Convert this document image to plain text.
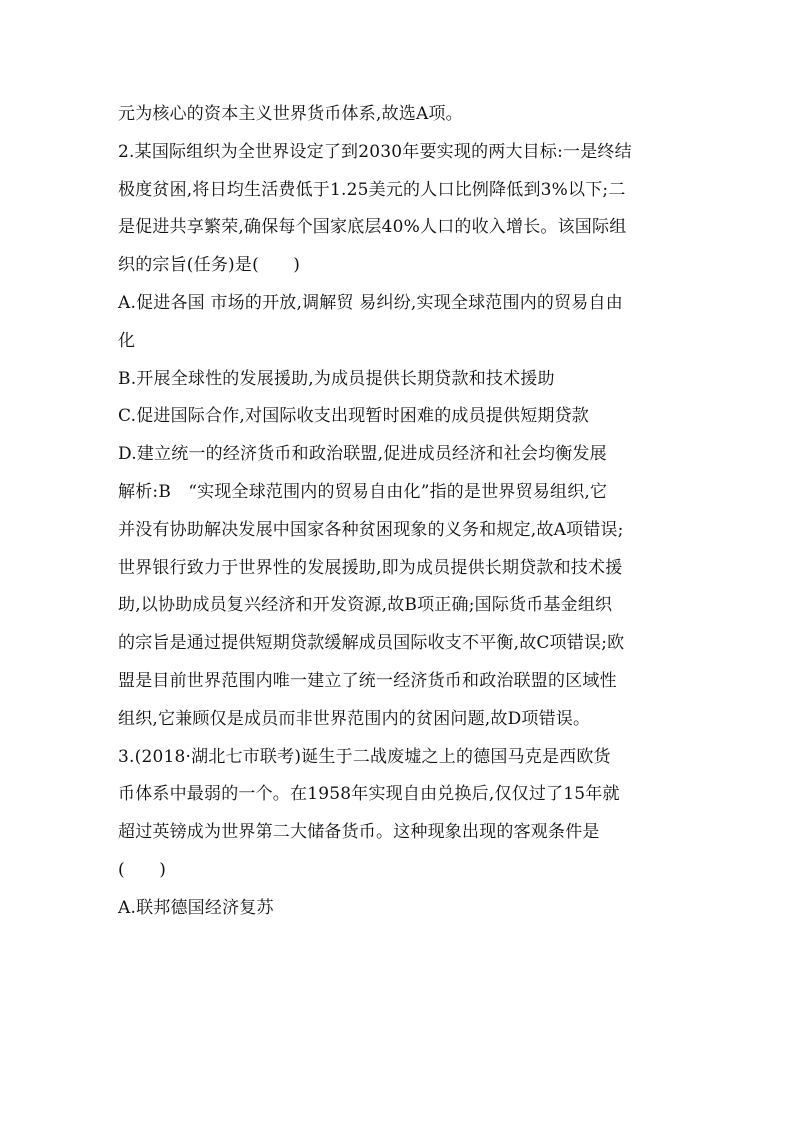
元为核心的资本主义世界货币体系,故选A项。

2.某国际组织为全世界设定了到2030年要实现的两大目标:一是终结

极度贫困,将日均生活费低于1.25美元的人口比例降低到3%以下;二

是促进共享繁荣,确保每个国家底层40%人口的收入增长。该国际组

织的宗旨(任务)是(　　)

A.促进各国 市场的开放,调解贸 易纠纷,实现全球范围内的贸易自由

化

B.开展全球性的发展援助,为成员提供长期贷款和技术援助

C.促进国际合作,对国际收支出现暂时困难的成员提供短期贷款

D.建立统一的经济货币和政治联盟,促进成员经济和社会均衡发展

解析:B　“实现全球范围内的贸易自由化”指的是世界贸易组织,它

并没有协助解决发展中国家各种贫困现象的义务和规定,故A项错误;

世界银行致力于世界性的发展援助,即为成员提供长期贷款和技术援

助,以协助成员复兴经济和开发资源,故B项正确;国际货币基金组织

的宗旨是通过提供短期贷款缓解成员国际收支不平衡,故C项错误;欧

盟是目前世界范围内唯一建立了统一经济货币和政治联盟的区域性

组织,它兼顾仅是成员而非世界范围内的贫困问题,故D项错误。

3.(2018·湖北七市联考)诞生于二战废墟之上的德国马克是西欧货

币体系中最弱的一个。在1958年实现自由兑换后,仅仅过了15年就

超过英镑成为世界第二大储备货币。这种现象出现的客观条件是

(　　)

A.联邦德国经济复苏
